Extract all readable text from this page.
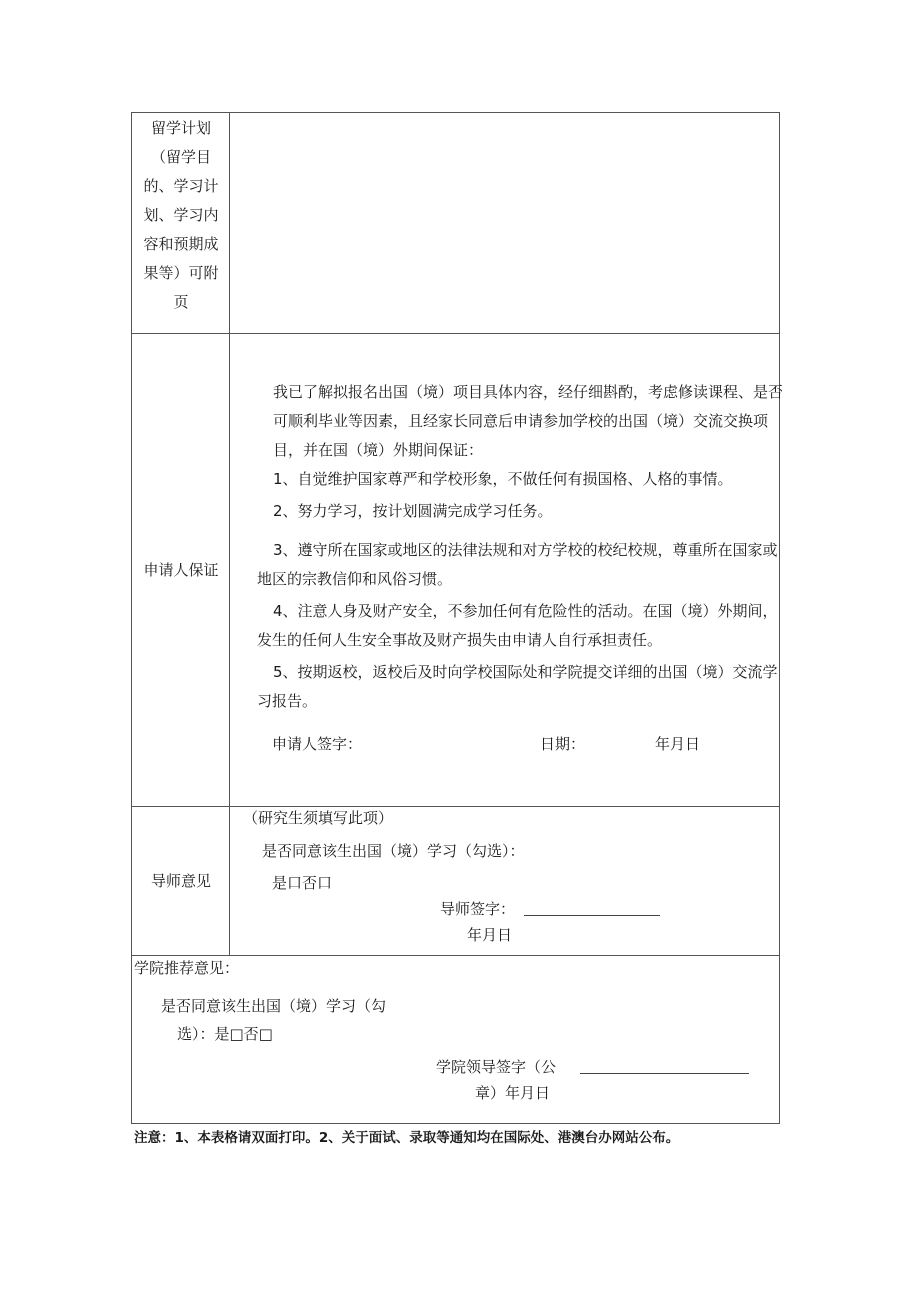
留学计划
（留学目
的、学习计
划、学习内
容和预期成
果等）可附
页
申请人保证

我已了解拟报名出国（境）项目具体内容，经仔细斟酌，考虑修读课程、是否可顺利毕业等因素，且经家长同意后申请参加学校的出国（境）交流交换项目，并在国（境）外期间保证：

1、自觉维护国家尊严和学校形象，不做任何有损国格、人格的事情。

2、努力学习，按计划圆满完成学习任务。

3、遵守所在国家或地区的法律法规和对方学校的校纪校规，尊重所在国家或地区的宗教信仰和风俗习惯。

4、注意人身及财产安全，不参加任何有危险性的活动。在国（境）外期间，发生的任何人生安全事故及财产损失由申请人自行承担责任。

5、按期返校，返校后及时向学校国际处和学院提交详细的出国（境）交流学习报告。

申请人签字：	日期：	年月日
导师意见
（研究生须填写此项）
是否同意该生出国（境）学习（勾选）：
是口否口
导师签字：
年月日
学院推荐意见：
是否同意该生出国（境）学习（勾
选）：是□否□
学院领导签字（公
章）年月日
注意：1、本表格请双面打印。2、关于面试、录取等通知均在国际处、港澳台办网站公布。
